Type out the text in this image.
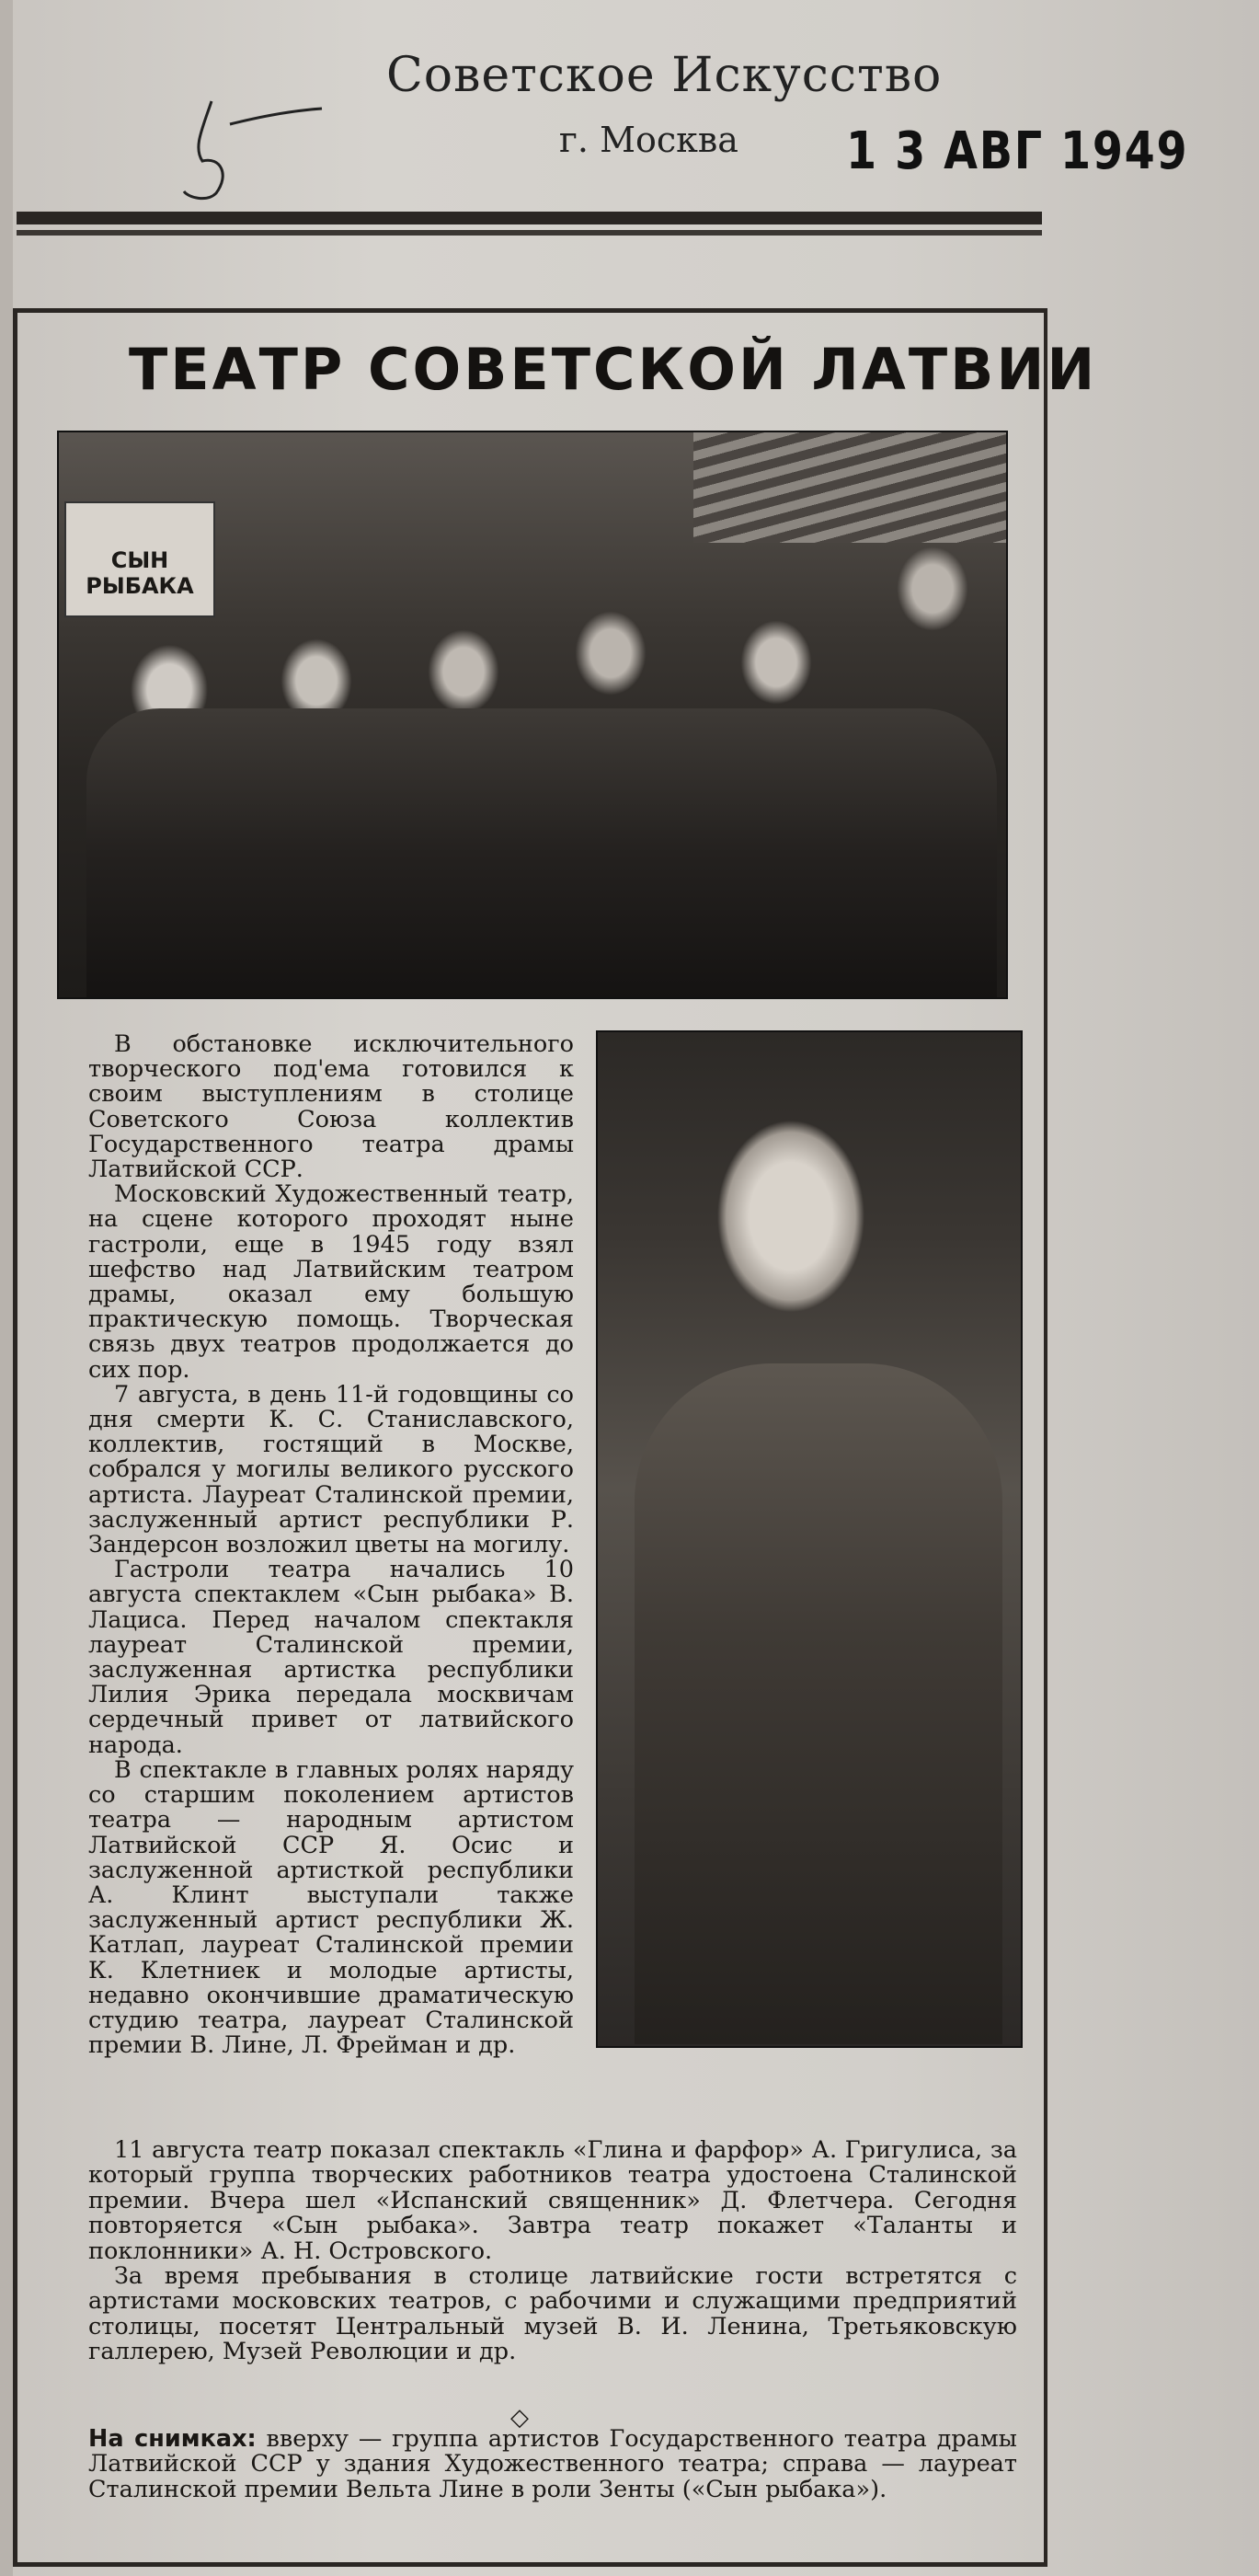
Советское Искусство
г. Москва 1 3 АВГ 1949
ТЕАТР СОВЕТСКОЙ ЛАТВИИ
СЫН РЫБАКА

В обстановке исключительного творческого под'ема готовился к своим выступлениям в столице Советского Союза коллектив Государственного театра драмы Латвийской ССР.

Московский Художественный театр, на сцене которого проходят ныне гастроли, еще в 1945 году взял шефство над Латвийским театром драмы, оказал ему большую практическую помощь. Творческая связь двух театров продолжается до сих пор.

7 августа, в день 11-й годовщины со дня смерти К. С. Станиславского, коллектив, гостящий в Москве, собрался у могилы великого русского артиста. Лауреат Сталинской премии, заслуженный артист республики Р. Зандерсон возложил цветы на могилу.

Гастроли театра начались 10 августа спектаклем «Сын рыбака» В. Лациса. Перед началом спектакля лауреат Сталинской премии, заслуженная артистка республики Лилия Эрика передала москвичам сердечный привет от латвийского народа.

В спектакле в главных ролях наряду со старшим поколением артистов театра — народным артистом Латвийской ССР Я. Осис и заслуженной артисткой республики А. Клинт выступали также заслуженный артист республики Ж. Катлап, лауреат Сталинской премии К. Клетниек и молодые артисты, недавно окончившие драматическую студию театра, лауреат Сталинской премии В. Лине, Л. Фрейман и др.

11 августа театр показал спектакль «Глина и фарфор» А. Григулиса, за который группа творческих работников театра удостоена Сталинской премии. Вчера шел «Испанский священник» Д. Флетчера. Сегодня повторяется «Сын рыбака». Завтра театр покажет «Таланты и поклонники» А. Н. Островского.

За время пребывания в столице латвийские гости встретятся с артистами московских театров, с рабочими и служащими предприятий столицы, посетят Центральный музей В. И. Ленина, Третьяковскую галлерею, Музей Революции и др.

◇
На снимках: вверху — группа артистов Государственного театра драмы Латвийской ССР у здания Художественного театра; справа — лауреат Сталинской премии Вельта Лине в роли Зенты («Сын рыбака»).
